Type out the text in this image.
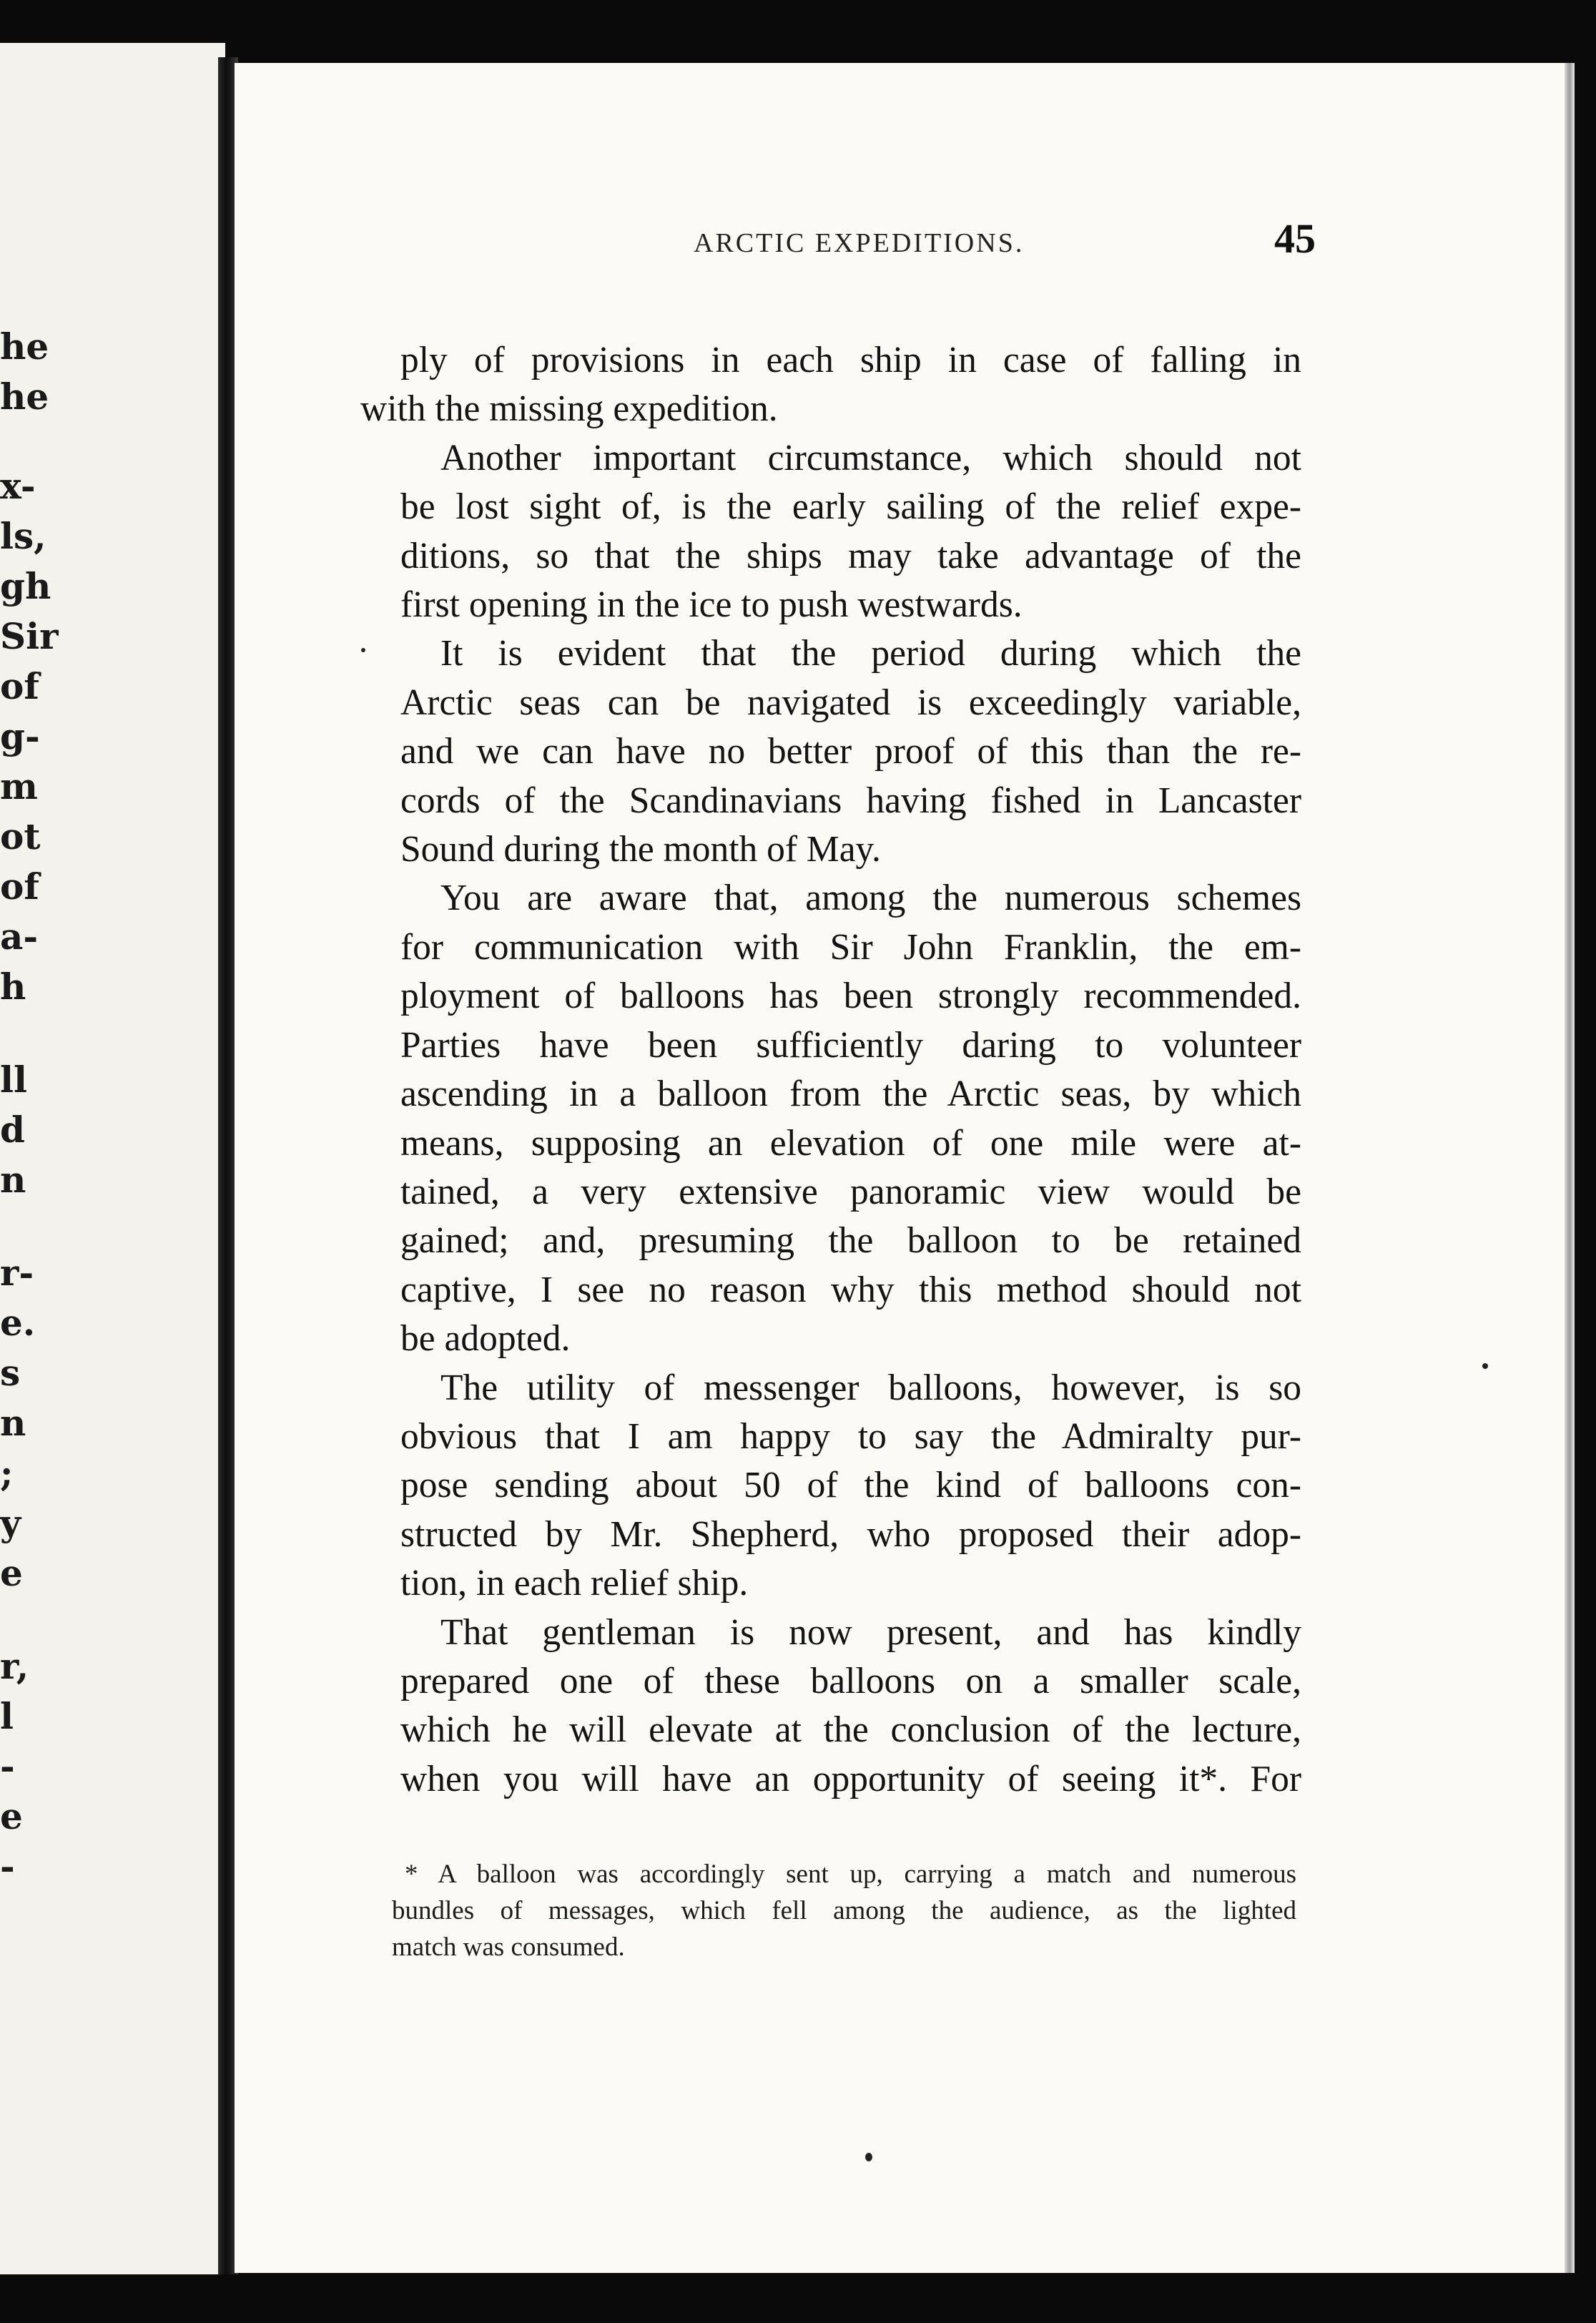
he
he
x-
ls,
gh
Sir
of
g-
m
ot
of
a-
h
ll
d
n
r-
e.
s
n
;
y
e
r,
l
-
e
-
ARCTIC EXPEDITIONS.	45

ply of provisions in each ship in case of falling in
with the missing expedition.

Another important circumstance, which should not
be lost sight of, is the early sailing of the relief expe-
ditions, so that the ships may take advantage of the
first opening in the ice to push westwards.

It is evident that the period during which the
Arctic seas can be navigated is exceedingly variable,
and we can have no better proof of this than the re-
cords of the Scandinavians having fished in Lancaster
Sound during the month of May.

You are aware that, among the numerous schemes
for communication with Sir John Franklin, the em-
ployment of balloons has been strongly recommended.
Parties have been sufficiently daring to volunteer
ascending in a balloon from the Arctic seas, by which
means, supposing an elevation of one mile were at-
tained, a very extensive panoramic view would be
gained; and, presuming the balloon to be retained
captive, I see no reason why this method should not
be adopted.

The utility of messenger balloons, however, is so
obvious that I am happy to say the Admiralty pur-
pose sending about 50 of the kind of balloons con-
structed by Mr. Shepherd, who proposed their adop-
tion, in each relief ship.

That gentleman is now present, and has kindly
prepared one of these balloons on a smaller scale,
which he will elevate at the conclusion of the lecture,
when you will have an opportunity of seeing it*. For

* A balloon was accordingly sent up, carrying a match and numerous
bundles of messages, which fell among the audience, as the lighted
match was consumed.
